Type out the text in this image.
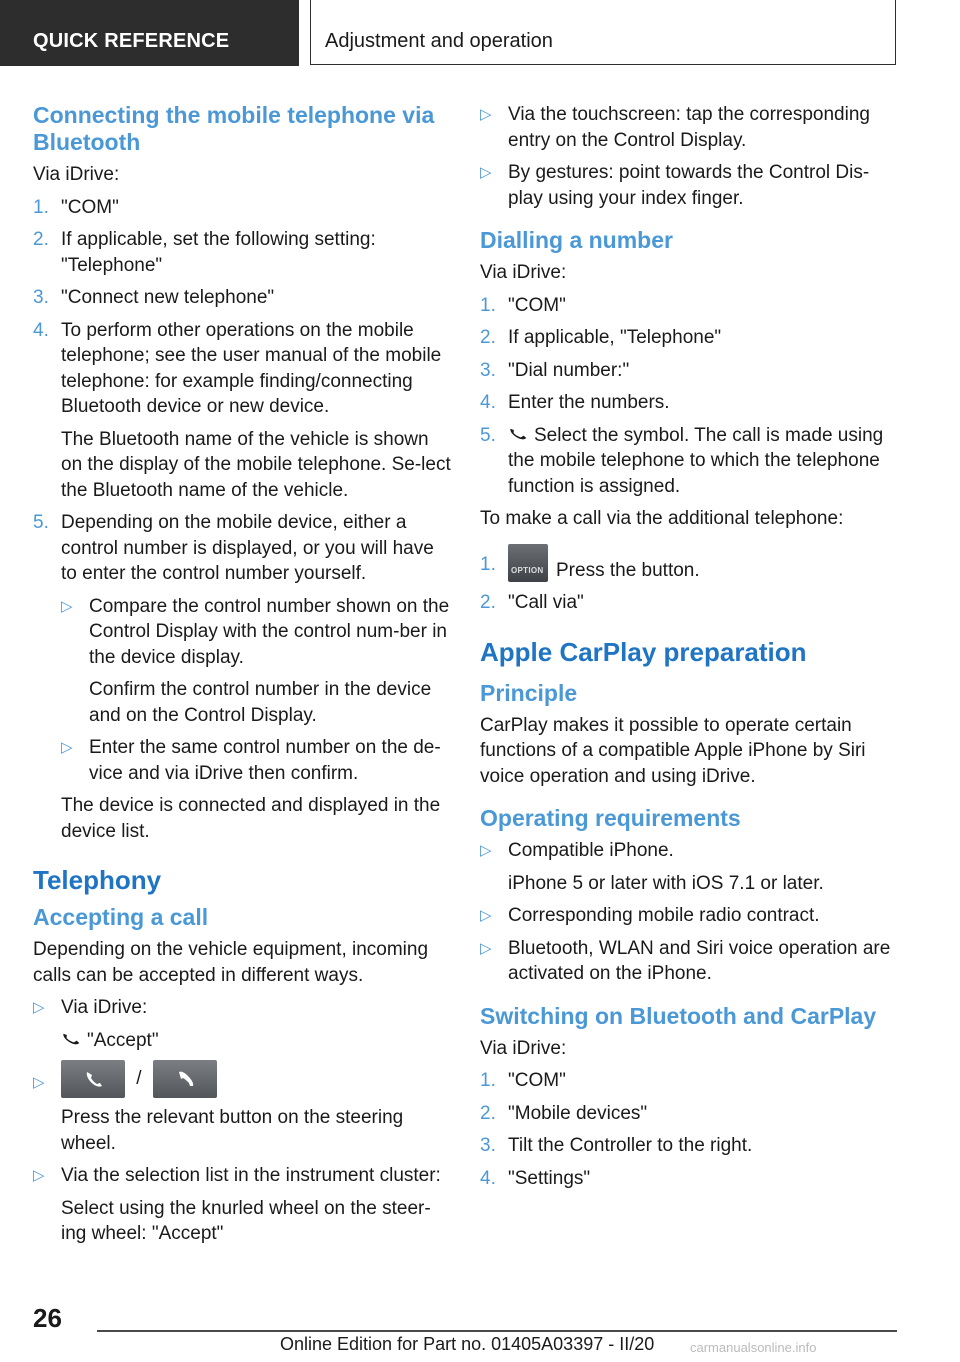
QUICK REFERENCE	Adjustment and operation
Connecting the mobile telephone via Bluetooth

Via iDrive:

1. "COM"
2. If applicable, set the following setting: "Telephone"
3. "Connect new telephone"
4. To perform other operations on the mobile telephone; see the user manual of the mobile telephone: for example finding/connecting Bluetooth device or new device.
The Bluetooth name of the vehicle is shown on the display of the mobile telephone. Se‐lect the Bluetooth name of the vehicle.
5. Depending on the mobile device, either a control number is displayed, or you will have to enter the control number yourself.
▷ Compare the control number shown on the Control Display with the control num‐ber in the device display.
Confirm the control number in the device and on the Control Display.
▷ Enter the same control number on the de‐vice and via iDrive then confirm.
The device is connected and displayed in the device list.
Telephony
Accepting a call

Depending on the vehicle equipment, incoming calls can be accepted in different ways.

▷ Via iDrive:
"Accept"
▷	/
Press the relevant button on the steering wheel.
▷ Via the selection list in the instrument cluster:
Select using the knurled wheel on the steer‐ing wheel: "Accept"
▷ Via the touchscreen: tap the corresponding entry on the Control Display.
▷ By gestures: point towards the Control Dis‐play using your index finger.
Dialling a number

Via iDrive:

1. "COM"
2. If applicable, "Telephone"
3. "Dial number:"
4. Enter the numbers.
5. Select the symbol. The call is made using the mobile telephone to which the telephone function is assigned.

To make a call via the additional telephone:

1. OPTION Press the button.
2. "Call via"
Apple CarPlay preparation
Principle

CarPlay makes it possible to operate certain functions of a compatible Apple iPhone by Siri voice operation and using iDrive.

Operating requirements
▷ Compatible iPhone.
iPhone 5 or later with iOS 7.1 or later.
▷ Corresponding mobile radio contract.
▷ Bluetooth, WLAN and Siri voice operation are activated on the iPhone.
Switching on Bluetooth and CarPlay

Via iDrive:

1. "COM"
2. "Mobile devices"
3. Tilt the Controller to the right.
4. "Settings"
26
Online Edition for Part no. 01405A03397 - II/20	carmanualsonline.info
